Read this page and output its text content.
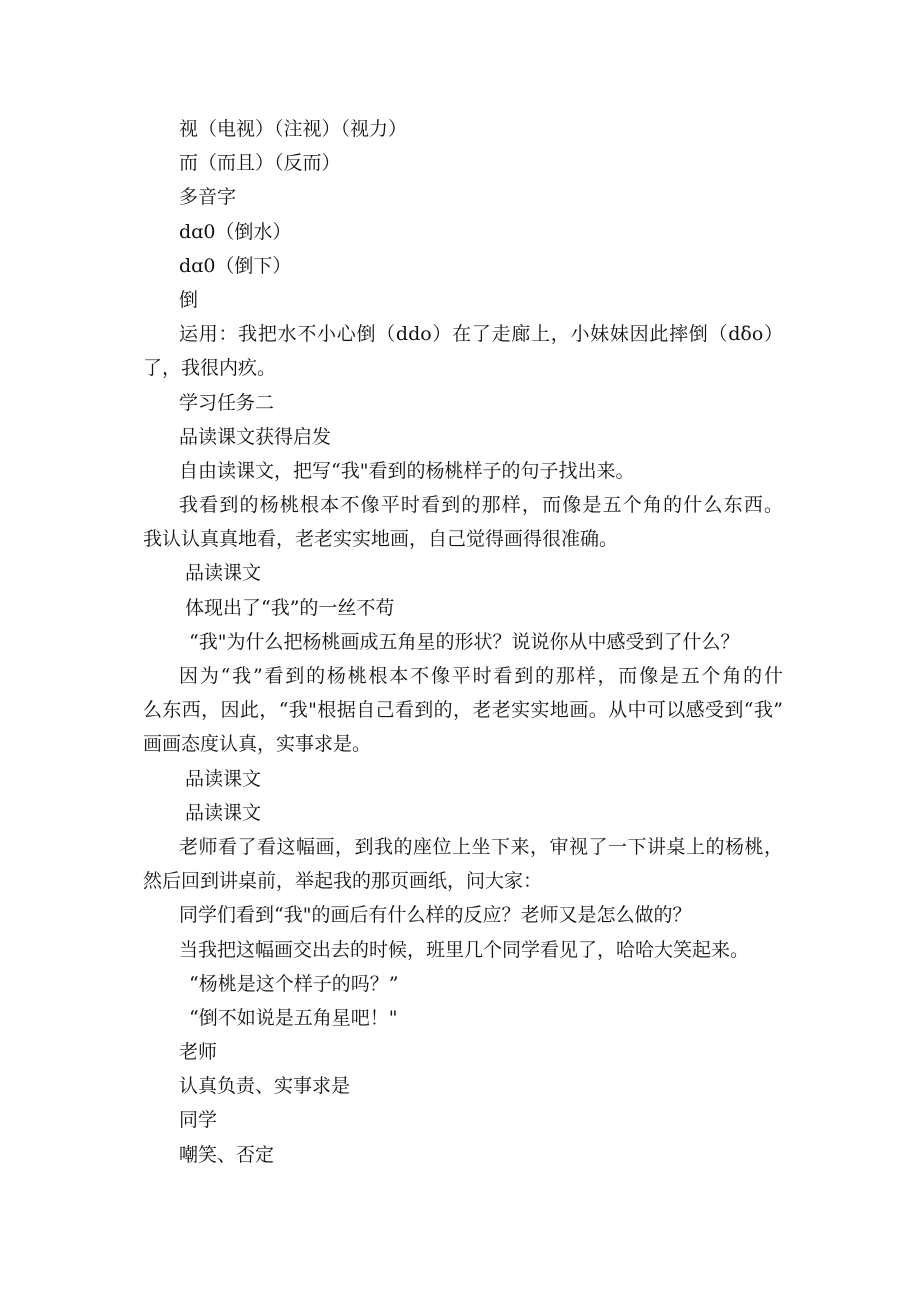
视（电视）（注视）（视力）
而（而且）（反而）
多音字
dɑ0（倒水）
dɑ0（倒下）
倒
运用：我把水不小心倒（ddo）在了走廊上，小妹妹因此摔倒（dδo）
了，我很内疚。
学习任务二
品读课文获得启发
自由读课文，把写“我"看到的杨桃样子的句子找出来。
我看到的杨桃根本不像平时看到的那样，而像是五个角的什么东西。
我认认真真地看，老老实实地画，自己觉得画得很准确。
品读课文
体现出了“我”的一丝不苟
“我"为什么把杨桃画成五角星的形状？说说你从中感受到了什么？
因为“我”看到的杨桃根本不像平时看到的那样，而像是五个角的什
么东西，因此，“我"根据自己看到的，老老实实地画。从中可以感受到“我”
画画态度认真，实事求是。
品读课文
品读课文
老师看了看这幅画，到我的座位上坐下来，审视了一下讲桌上的杨桃，
然后回到讲桌前，举起我的那页画纸，问大家：
同学们看到“我"的画后有什么样的反应？老师又是怎么做的？
当我把这幅画交出去的时候，班里几个同学看见了，哈哈大笑起来。
“杨桃是这个样子的吗？”
“倒不如说是五角星吧！"
老师
认真负责、实事求是
同学
嘲笑、否定
